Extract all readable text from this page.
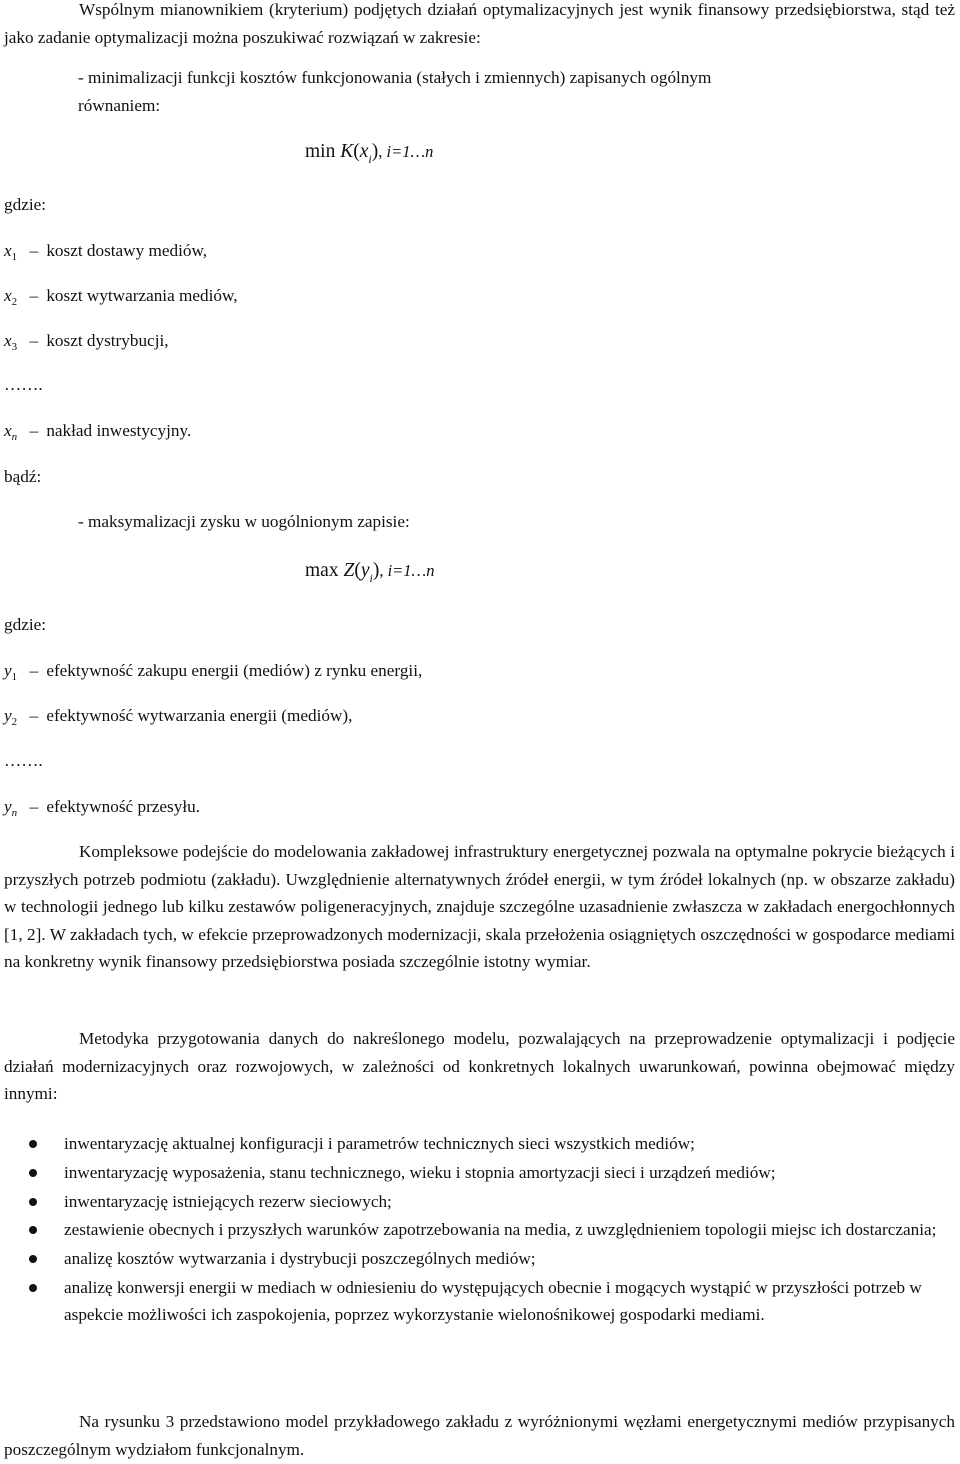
Wspólnym mianownikiem (kryterium) podjętych działań optymalizacyjnych jest wynik finansowy przedsiębiorstwa, stąd też jako zadanie optymalizacji można poszukiwać rozwiązań w zakresie:

- minimalizacji funkcji kosztów funkcjonowania (stałych i zmiennych) zapisanych ogólnym
równaniem:
$\min K(x_i)$, i=1…n
gdzie:
$x_1$ – koszt dostawy mediów,
$x_2$ – koszt wytwarzania mediów,
$x_3$ – koszt dystrybucji,
…….
$x_n$ – nakład inwestycyjny.
bądź:
- maksymalizacji zysku w uogólnionym zapisie:
$\max Z(y_i)$, i=1…n
gdzie:
$y_1$ – efektywność zakupu energii (mediów) z rynku energii,
$y_2$ – efektywność wytwarzania energii (mediów),
…….
$y_n$ – efektywność przesyłu.

Kompleksowe podejście do modelowania zakładowej infrastruktury energetycznej pozwala na optymalne pokrycie bieżących i przyszłych potrzeb podmiotu (zakładu). Uwzględnienie alternatywnych źródeł energii, w tym źródeł lokalnych (np. w obszarze zakładu) w technologii jednego lub kilku zestawów poligeneracyjnych, znajduje szczególne uzasadnienie zwłaszcza w zakładach energochłonnych [1, 2]. W zakładach tych, w efekcie przeprowadzonych modernizacji, skala przełożenia osiągniętych oszczędności w gospodarce mediami na konkretny wynik finansowy przedsiębiorstwa posiada szczególnie istotny wymiar.

Metodyka przygotowania danych do nakreślonego modelu, pozwalających na przeprowadzenie optymalizacji i podjęcie działań modernizacyjnych oraz rozwojowych, w zależności od konkretnych lokalnych uwarunkowań, powinna obejmować między innymi:

inwentaryzację aktualnej konfiguracji i parametrów technicznych sieci wszystkich mediów;
inwentaryzację wyposażenia, stanu technicznego, wieku i stopnia amortyzacji sieci i urządzeń mediów;
inwentaryzację istniejących rezerw sieciowych;
zestawienie obecnych i przyszłych warunków zapotrzebowania na media, z uwzględnieniem topologii miejsc ich dostarczania;
analizę kosztów wytwarzania i dystrybucji poszczególnych mediów;
analizę konwersji energii w mediach w odniesieniu do występujących obecnie i mogących wystąpić w przyszłości potrzeb w aspekcie możliwości ich zaspokojenia, poprzez wykorzystanie wielonośnikowej gospodarki mediami.

Na rysunku 3 przedstawiono model przykładowego zakładu z wyróżnionymi węzłami energetycznymi mediów przypisanych poszczególnym wydziałom funkcjonalnym.
